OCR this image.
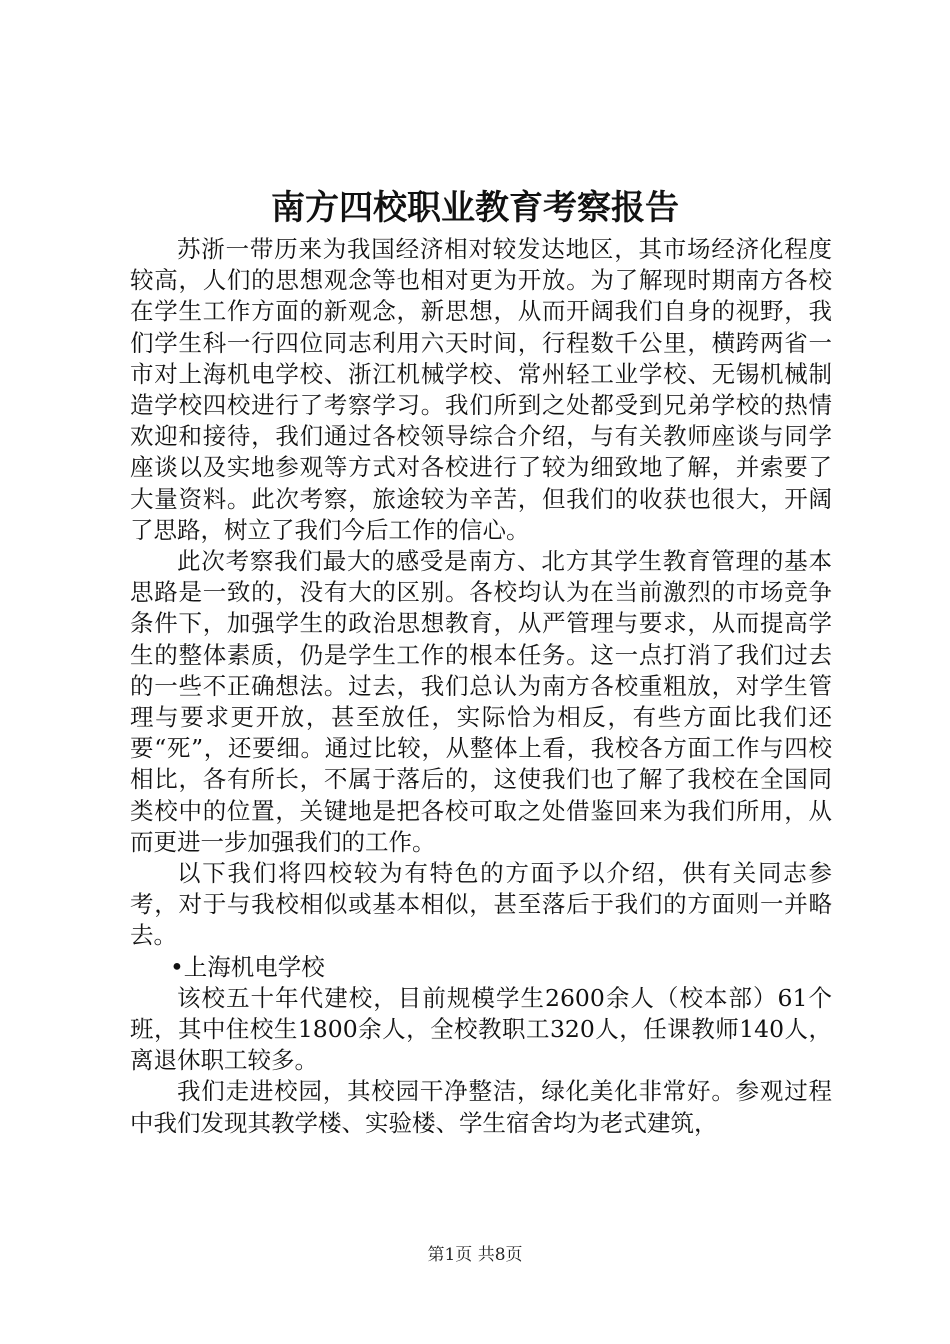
南方四校职业教育考察报告

苏浙一带历来为我国经济相对较发达地区，其市场经济化程度较高，人们的思想观念等也相对更为开放。为了解现时期南方各校在学生工作方面的新观念，新思想，从而开阔我们自身的视野，我们学生科一行四位同志利用六天时间，行程数千公里，横跨两省一市对上海机电学校、浙江机械学校、常州轻工业学校、无锡机械制造学校四校进行了考察学习。我们所到之处都受到兄弟学校的热情欢迎和接待，我们通过各校领导综合介绍，与有关教师座谈与同学座谈以及实地参观等方式对各校进行了较为细致地了解，并索要了大量资料。此次考察，旅途较为辛苦，但我们的收获也很大，开阔了思路，树立了我们今后工作的信心。

此次考察我们最大的感受是南方、北方其学生教育管理的基本思路是一致的，没有大的区别。各校均认为在当前激烈的市场竞争条件下，加强学生的政治思想教育，从严管理与要求，从而提高学生的整体素质，仍是学生工作的根本任务。这一点打消了我们过去的一些不正确想法。过去，我们总认为南方各校重粗放，对学生管理与要求更开放，甚至放任，实际恰为相反，有些方面比我们还要“死”，还要细。通过比较，从整体上看，我校各方面工作与四校相比，各有所长，不属于落后的，这使我们也了解了我校在全国同类校中的位置，关键地是把各校可取之处借鉴回来为我们所用，从而更进一步加强我们的工作。

以下我们将四校较为有特色的方面予以介绍，供有关同志参考，对于与我校相似或基本相似，甚至落后于我们的方面则一并略去。

•上海机电学校

该校五十年代建校，目前规模学生2600余人（校本部）61个班，其中住校生1800余人，全校教职工320人，任课教师140人，离退休职工较多。

我们走进校园，其校园干净整洁，绿化美化非常好。参观过程中我们发现其教学楼、实验楼、学生宿舍均为老式建筑，

第1页 共8页
